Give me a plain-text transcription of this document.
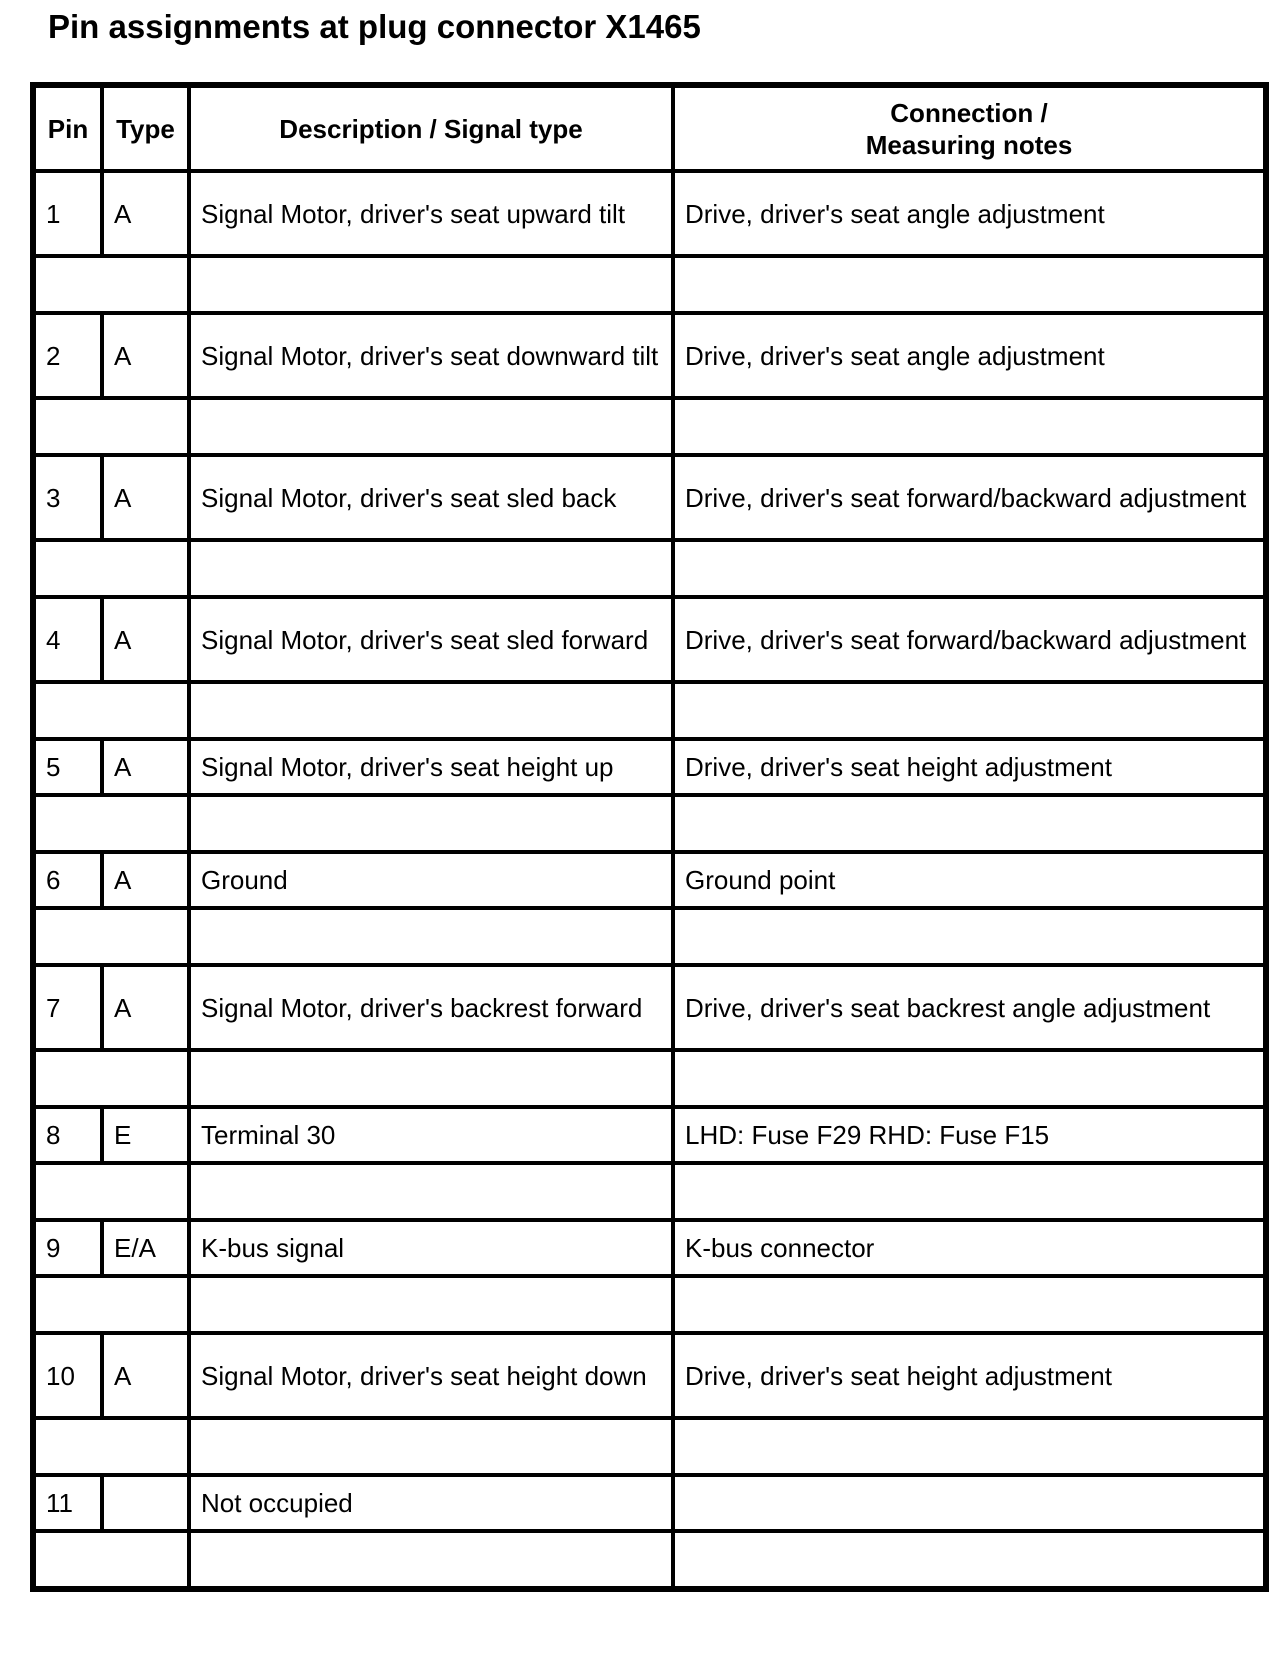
Pin assignments at plug connector X1465
Pin	Type	Description / Signal type	Connection /
Measuring notes
1	A	Signal Motor, driver's seat upward tilt	Drive, driver's seat angle adjustment

2	A	Signal Motor, driver's seat downward tilt	Drive, driver's seat angle adjustment

3	A	Signal Motor, driver's seat sled back	Drive, driver's seat forward/backward adjustment

4	A	Signal Motor, driver's seat sled forward	Drive, driver's seat forward/backward adjustment

5	A	Signal Motor, driver's seat height up	Drive, driver's seat height adjustment

6	A	Ground	Ground point

7	A	Signal Motor, driver's backrest forward	Drive, driver's seat backrest angle adjustment

8	E	Terminal 30	LHD: Fuse F29 RHD: Fuse F15

9	E/A	K-bus signal	K-bus connector

10	A	Signal Motor, driver's seat height down	Drive, driver's seat height adjustment

11		Not occupied	
